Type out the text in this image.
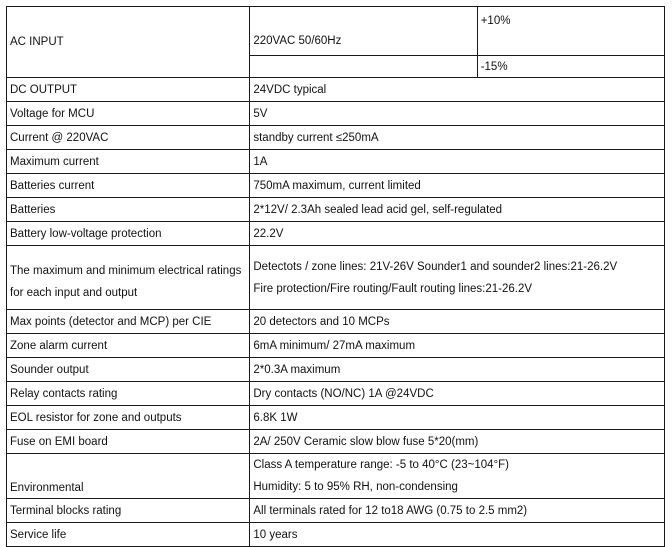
AC INPUT	220VAC 50/60Hz	+10%
		-15%
DC OUTPUT	24VDC typical	
Voltage for MCU	5V	
Current @ 220VAC	standby current ≤250mA	
Maximum current	1A	
Batteries current	750mA maximum, current limited	
Batteries	2*12V/ 2.3Ah sealed lead acid gel, self-regulated	
Battery low-voltage protection	22.2V	
The maximum and minimum electrical ratings for each input and output	Detectots / zone lines: 21V-26V Sounder1 and sounder2 lines:21-26.2V
Fire protection/Fire routing/Fault routing lines:21-26.2V	

Max points (detector and MCP) per CIE	20 detectors and 10 MCPs	
Zone alarm current	6mA minimum/ 27mA maximum	
Sounder output	2*0.3A maximum	
Relay contacts rating	Dry contacts (NO/NC) 1A @24VDC	
EOL resistor for zone and outputs	6.8K 1W	
Fuse on EMI board	2A/ 250V Ceramic slow blow fuse 5*20(mm)	
Environmental	Class A temperature range: -5 to 40°C (23~104°F)
Humidity: 5 to 95% RH, non-condensing	

Terminal blocks rating	All terminals rated for 12 to18 AWG (0.75 to 2.5 mm2)	
Service life	10 years	
